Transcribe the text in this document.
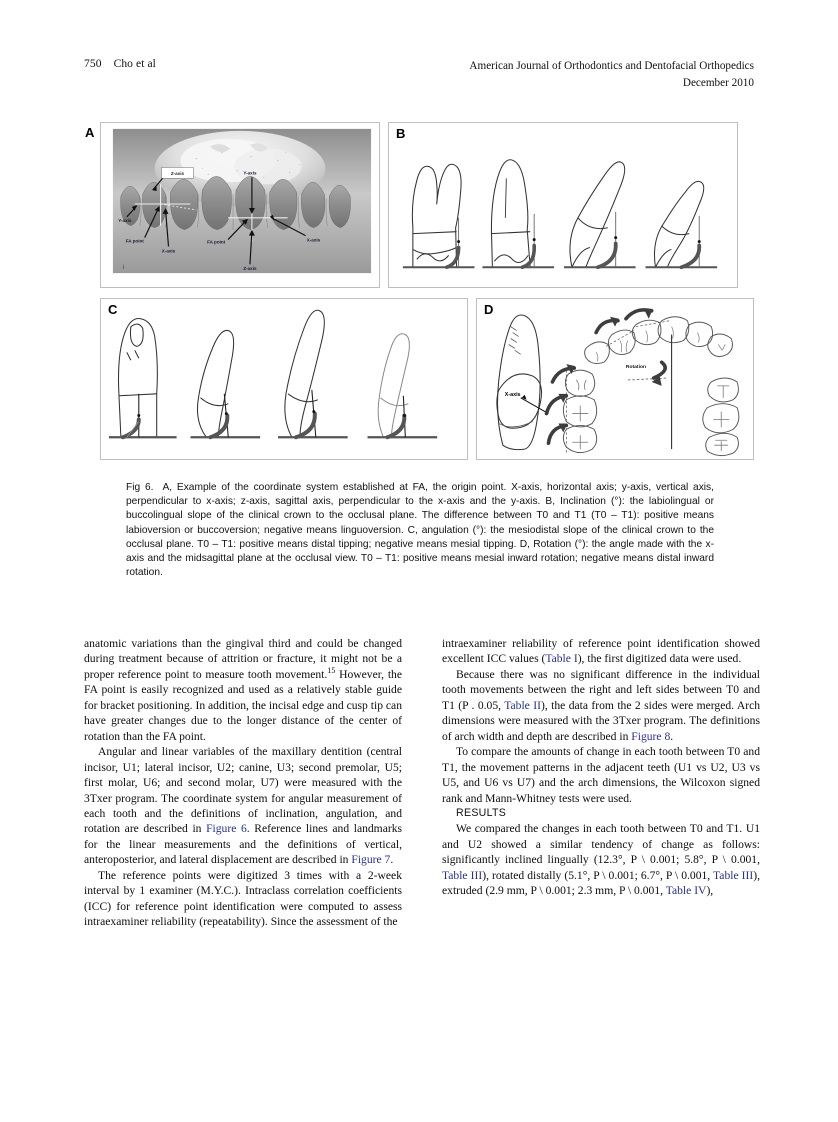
750 Cho et al	American Journal of Orthodontics and Dentofacial Orthopedics
December 2010
A
Z-axis	Y-axis
Y-axis
FA point
X-axis
FA point	X-axis
Z-axis
i
B
C	D
X-axis
Rotation
Fig 6. A, Example of the coordinate system established at FA, the origin point. X-axis, horizontal axis; y-axis, vertical axis, perpendicular to x-axis; z-axis, sagittal axis, perpendicular to the x-axis and the y-axis. B, Inclination (°): the labiolingual or buccolingual slope of the clinical crown to the occlusal plane. The difference between T0 and T1 (T0 – T1): positive means labioversion or buccoversion; negative means linguoversion. C, angulation (°): the mesiodistal slope of the clinical crown to the occlusal plane. T0 – T1: positive means distal tipping; negative means mesial tipping. D, Rotation (°): the angle made with the x-axis and the midsagittal plane at the occlusal view. T0 – T1: positive means mesial inward rotation; negative means distal inward rotation.

anatomic variations than the gingival third and could be changed during treatment because of attrition or fracture, it might not be a proper reference point to measure tooth movement.$^{15}$ However, the FA point is easily recognized and used as a relatively stable guide for bracket positioning. In addition, the incisal edge and cusp tip can have greater changes due to the longer distance of the center of rotation than the FA point.

Angular and linear variables of the maxillary dentition (central incisor, U1; lateral incisor, U2; canine, U3; second premolar, U5; first molar, U6; and second molar, U7) were measured with the 3Txer program. The coordinate system for angular measurement of each tooth and the definitions of inclination, angulation, and rotation are described in Figure 6. Reference lines and landmarks for the linear measurements and the definitions of vertical, anteroposterior, and lateral displacement are described in Figure 7.

The reference points were digitized 3 times with a 2-week interval by 1 examiner (M.Y.C.). Intraclass correlation coefficients (ICC) for reference point identification were computed to assess intraexaminer reliability (repeatability). Since the assessment of the

intraexaminer reliability of reference point identification showed excellent ICC values (Table I), the first digitized data were used.

Because there was no significant difference in the individual tooth movements between the right and left sides between T0 and T1 (P . 0.05, Table II), the data from the 2 sides were merged. Arch dimensions were measured with the 3Txer program. The definitions of arch width and depth are described in Figure 8.

To compare the amounts of change in each tooth between T0 and T1, the movement patterns in the adjacent teeth (U1 vs U2, U3 vs U5, and U6 vs U7) and the arch dimensions, the Wilcoxon signed rank and Mann-Whitney tests were used.

RESULTS

We compared the changes in each tooth between T0 and T1. U1 and U2 showed a similar tendency of change as follows: significantly inclined lingually (12.3°, P \ 0.001; 5.8°, P \ 0.001, Table III), rotated distally (5.1°, P \ 0.001; 6.7°, P \ 0.001, Table III), extruded (2.9 mm, P \ 0.001; 2.3 mm, P \ 0.001, Table IV),
